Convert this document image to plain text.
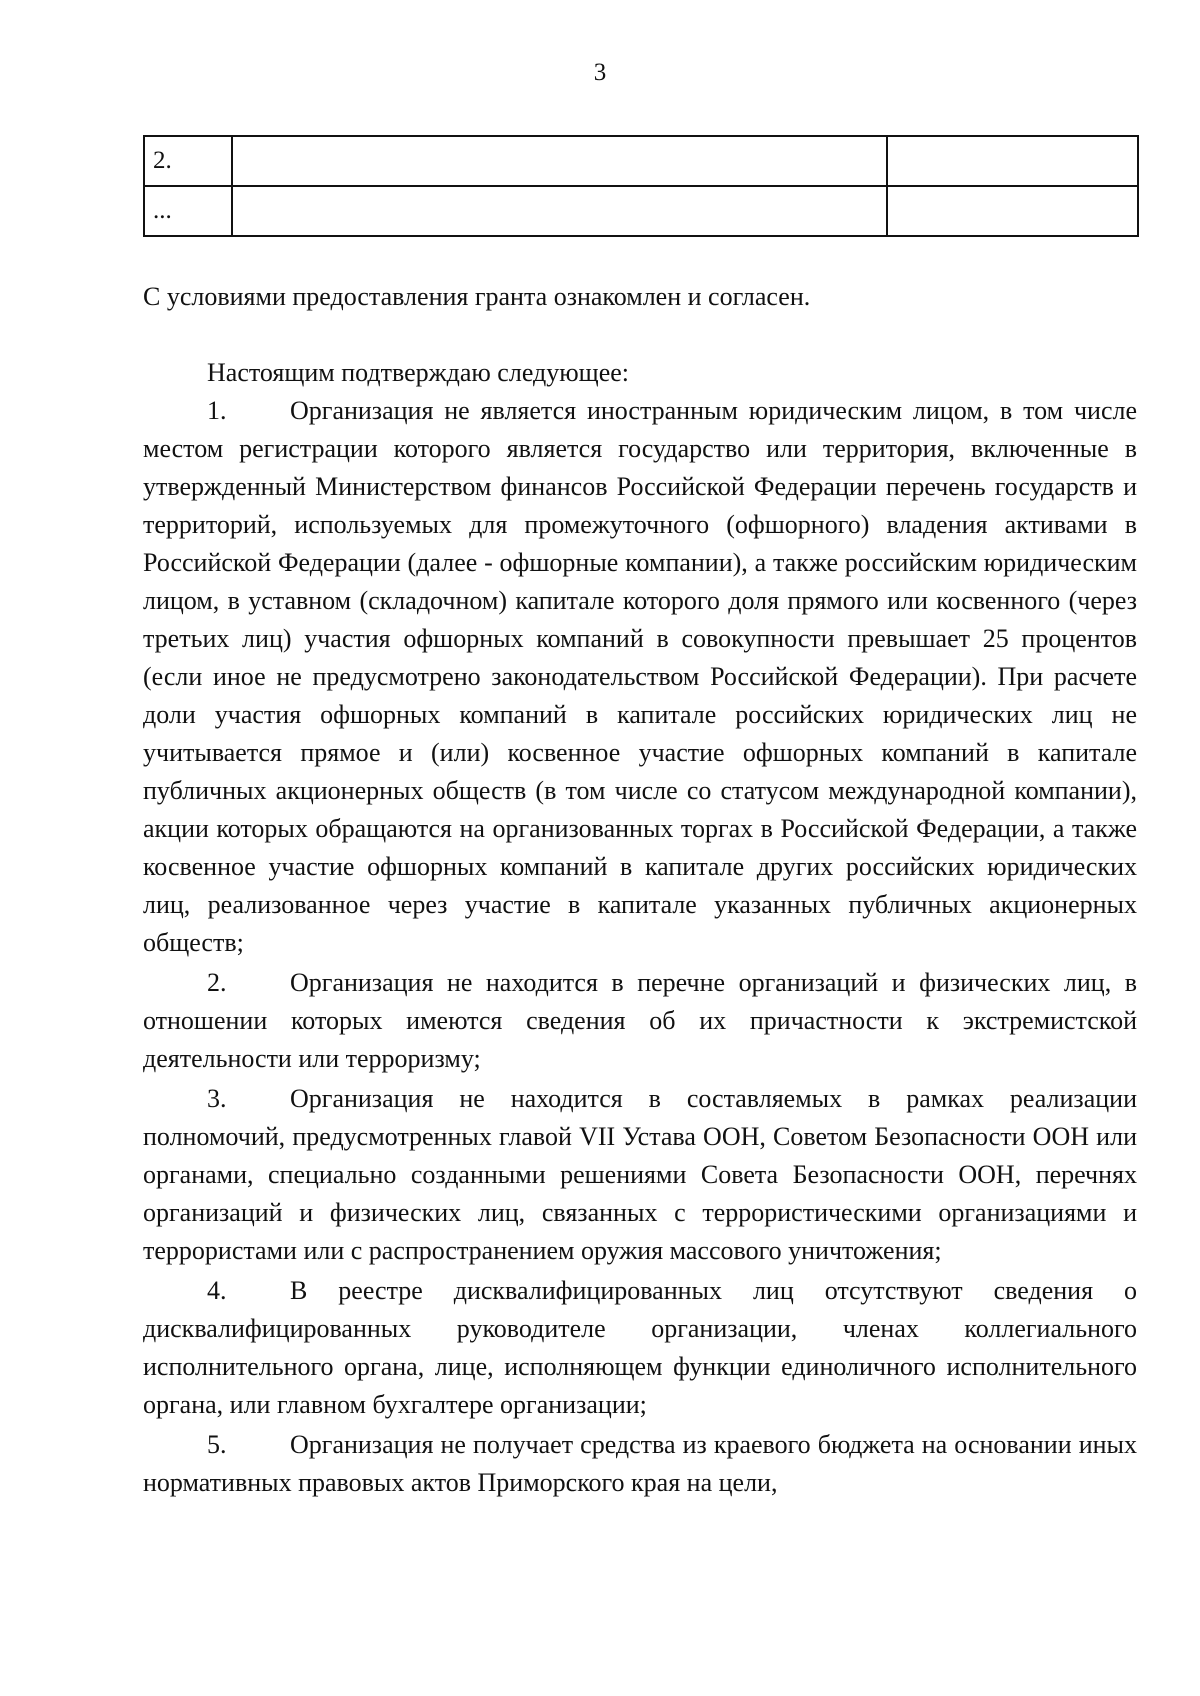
3
2.		
...		

С условиями предоставления гранта ознакомлен и согласен.

Настоящим подтверждаю следующее:

1. Организация не является иностранным юридическим лицом, в том числе местом регистрации которого является государство или территория, включенные в утвержденный Министерством финансов Российской Федерации перечень государств и территорий, используемых для промежуточного (офшорного) владения активами в Российской Федерации (далее - офшорные компании), а также российским юридическим лицом, в уставном (складочном) капитале которого доля прямого или косвенного (через третьих лиц) участия офшорных компаний в совокупности превышает 25 процентов (если иное не предусмотрено законодательством Российской Федерации). При расчете доли участия офшорных компаний в капитале российских юридических лиц не учитывается прямое и (или) косвенное участие офшорных компаний в капитале публичных акционерных обществ (в том числе со статусом международной компании), акции которых обращаются на организованных торгах в Российской Федерации, а также косвенное участие офшорных компаний в капитале других российских юридических лиц, реализованное через участие в капитале указанных публичных акционерных обществ;

2. Организация не находится в перечне организаций и физических лиц, в отношении которых имеются сведения об их причастности к экстремистской деятельности или терроризму;

3. Организация не находится в составляемых в рамках реализации полномочий, предусмотренных главой VII Устава ООН, Советом Безопасности ООН или органами, специально созданными решениями Совета Безопасности ООН, перечнях организаций и физических лиц, связанных с террористическими организациями и террористами или с распространением оружия массового уничтожения;

4. В реестре дисквалифицированных лиц отсутствуют сведения о дисквалифицированных руководителе организации, членах коллегиального исполнительного органа, лице, исполняющем функции единоличного исполнительного органа, или главном бухгалтере организации;

5. Организация не получает средства из краевого бюджета на основании иных нормативных правовых актов Приморского края на цели,
